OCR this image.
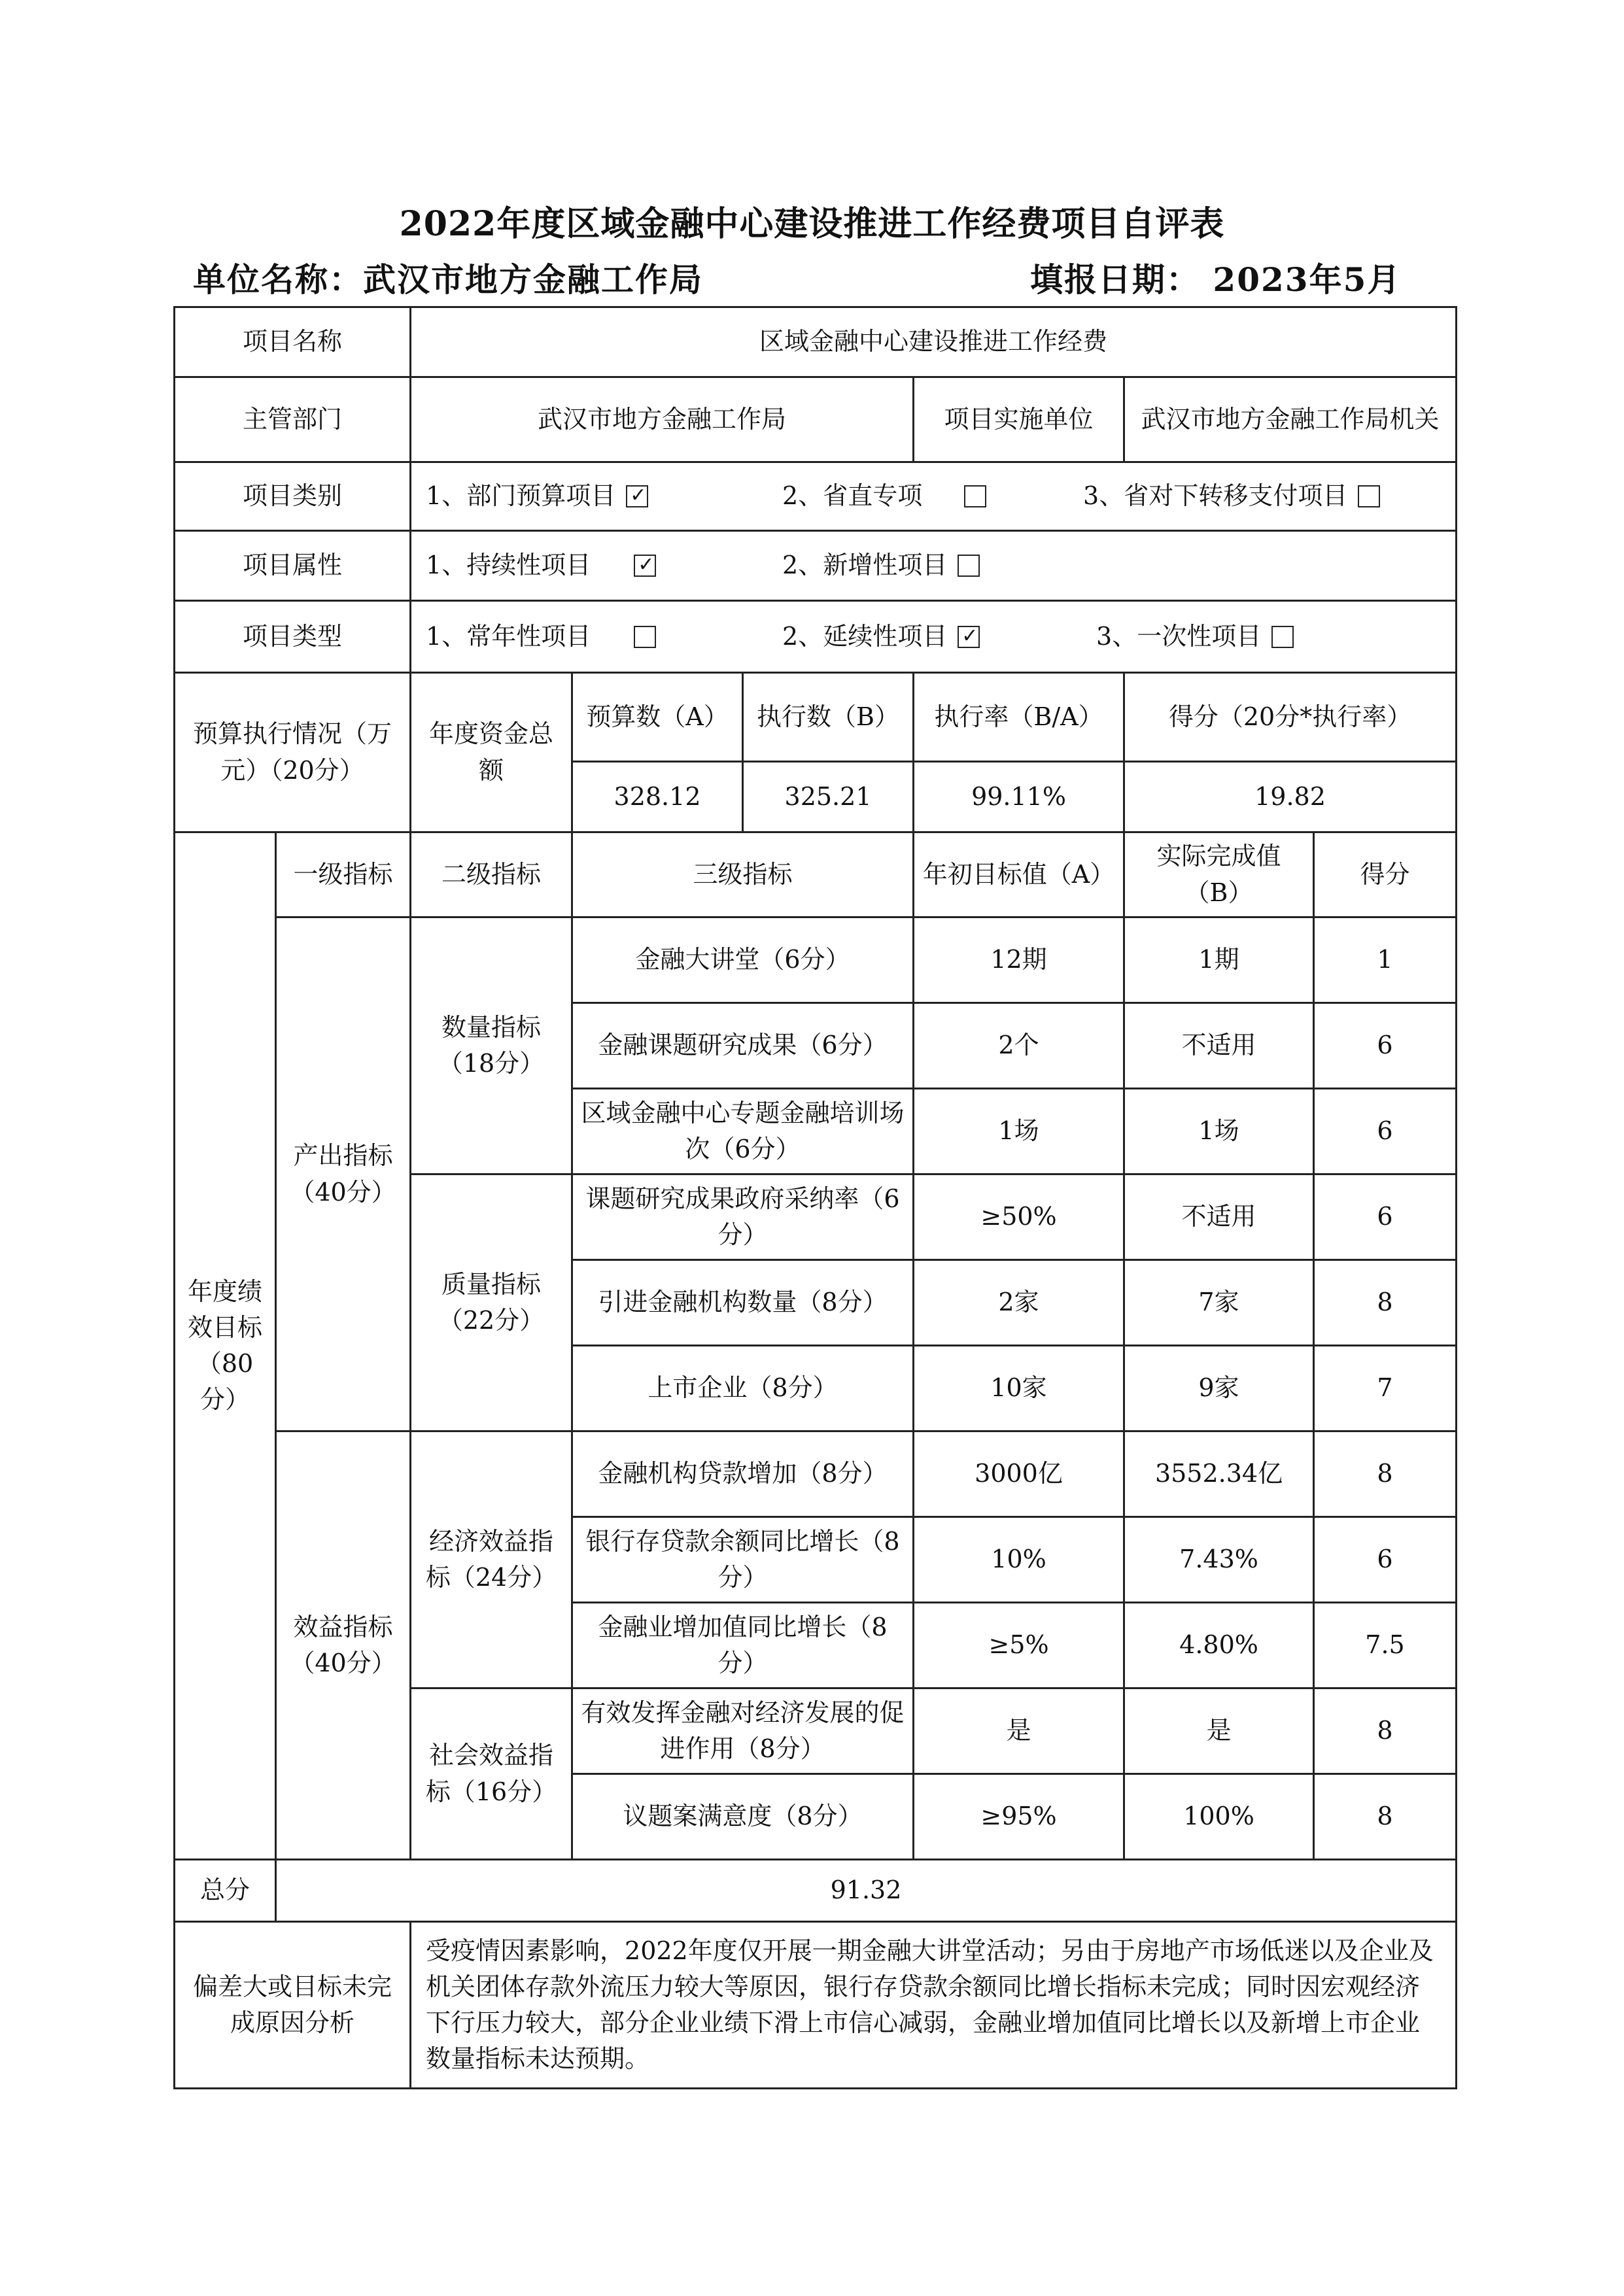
2022年度区域金融中心建设推进工作经费项目自评表
单位名称：武汉市地方金融工作局	填报日期： 2023年5月
项目名称		区域金融中心建设推进工作经费				
主管部门		武汉市地方金融工作局		项目实施单位	武汉市地方金融工作局机关	
项目类别		1、部门预算项目 ✓ 2、省直专项 3、省对下转移支付项目

项目属性		1、持续性项目 ✓ 2、新增性项目

项目类型		1、常年性项目 2、延续性项目 ✓ 3、一次性项目

预算执行情况（万元）（20分）		年度资金总额	预算数（A） 执行数（B）	执行率（B/A）	得分（20分*执行率）	

328.12 325.21	99.11%	19.82	
年度绩效目标（80分）	一级指标	二级指标	三级指标	年初目标值（A）	实际完成值（B）	得分
	产出指标（40分）	数量指标（18分）	金融大讲堂（6分）	12期	1期	1
			金融课题研究成果（6分）	2个	不适用	6
			区域金融中心专题金融培训场次（6分）	1场	1场	6
		质量指标（22分）	课题研究成果政府采纳率（6分）	≥50%	不适用	6
			引进金融机构数量（8分）	2家	7家	8
			上市企业（8分）	10家	9家	7
	效益指标（40分）	经济效益指标（24分）	金融机构贷款增加（8分）	3000亿	3552.34亿	8
			银行存贷款余额同比增长（8分）	10%	7.43%	6
			金融业增加值同比增长（8分）	≥5%	4.80%	7.5
		社会效益指标（16分）	有效发挥金融对经济发展的促进作用（8分）	是	是	8
			议题案满意度（8分）	≥95%	100%	8
总分	91.32					
偏差大或目标未完成原因分析		受疫情因素影响，2022年度仅开展一期金融大讲堂活动；另由于房地产市场低迷以及企业及机关团体存款外流压力较大等原因，银行存贷款余额同比增长指标未完成；同时因宏观经济下行压力较大，部分企业业绩下滑上市信心减弱，金融业增加值同比增长以及新增上市企业数量指标未达预期。				
